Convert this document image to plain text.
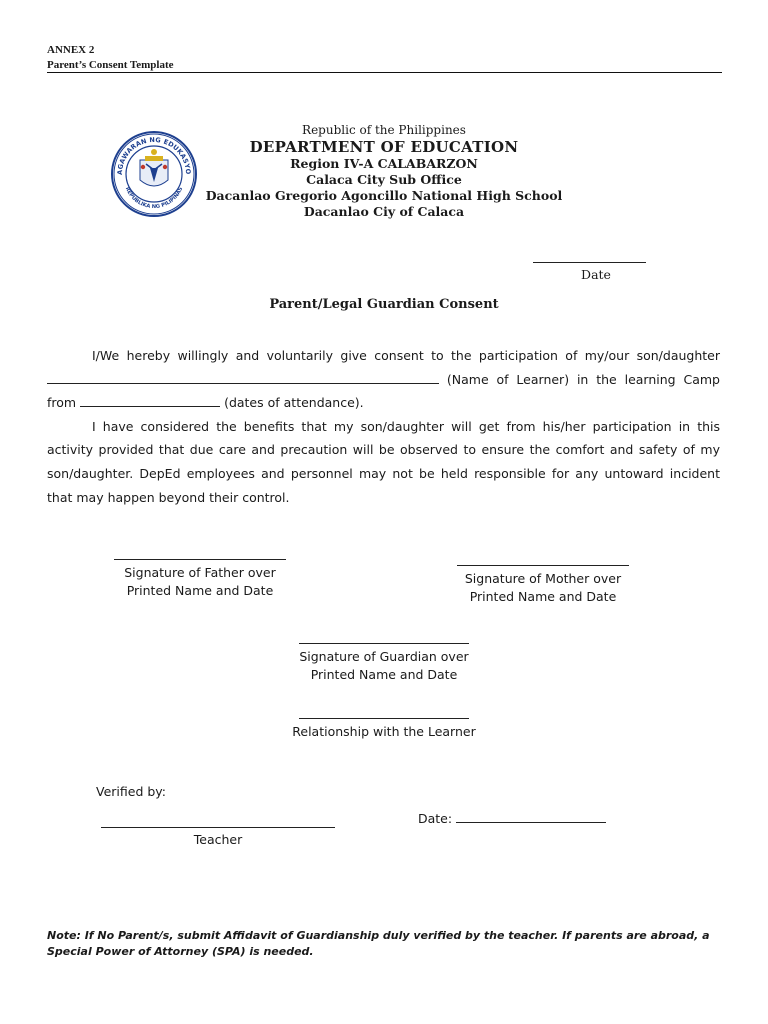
ANNEX 2
Parent’s Consent Template
AGAWARAN NG EDUKASYO
REPUBLIKA NG PILIPINAS
Republic of the Philippines
DEPARTMENT OF EDUCATION
Region IV-A CALABARZON
Calaca City Sub Office
Dacanlao Gregorio Agoncillo National High School
Dacanlao Ciy of Calaca
Date
Parent/Legal Guardian Consent

I/We hereby willingly and voluntarily give consent to the participation of my/our son/daughter  (Name of Learner) in the learning Camp from	(dates of attendance).

I have considered the benefits that my son/daughter will get from his/her participation in this activity provided that due care and precaution will be observed to ensure the comfort and safety of my son/daughter. DepEd employees and personnel may not be held responsible for any untoward incident that may happen beyond their control.

Signature of Father over
Printed Name and Date
Signature of Mother over
Printed Name and Date
Signature of Guardian over
Printed Name and Date
Relationship with the Learner
Verified by:
Teacher
Date:
Note: If No Parent/s, submit Affidavit of Guardianship duly verified by the teacher. If parents are abroad, a Special Power of Attorney (SPA) is needed.
